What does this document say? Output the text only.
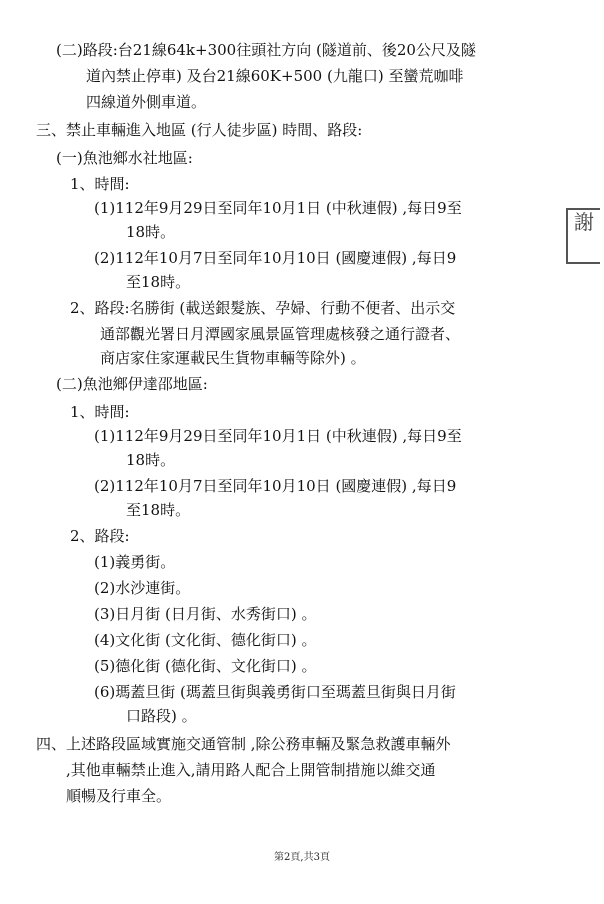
(二)路段:台21線64k+300往頭社方向 (隧道前、後20公尺及隧
道內禁止停車) 及台21線60K+500 (九龍口) 至蠻荒咖啡
四線道外側車道。
三、禁止車輛進入地區 (行人徒步區) 時間、路段:
(一)魚池鄉水社地區:
1、時間:
(1)112年9月29日至同年10月1日 (中秋連假) ,每日9至
18時。
(2)112年10月7日至同年10月10日 (國慶連假) ,每日9
至18時。
2、路段:名勝街 (載送銀髮族、孕婦、行動不便者、出示交
通部觀光署日月潭國家風景區管理處核發之通行證者、
商店家住家運載民生貨物車輛等除外) 。
(二)魚池鄉伊達邵地區:
1、時間:
(1)112年9月29日至同年10月1日 (中秋連假) ,每日9至
18時。
(2)112年10月7日至同年10月10日 (國慶連假) ,每日9
至18時。
2、路段:
(1)義勇街。
(2)水沙連街。
(3)日月街 (日月街、水秀街口) 。
(4)文化街 (文化街、德化街口) 。
(5)德化街 (德化街、文化街口) 。
(6)瑪蓋旦街 (瑪蓋旦街與義勇街口至瑪蓋旦街與日月街
口路段) 。
四、上述路段區域實施交通管制 ,除公務車輛及緊急救護車輛外
,其他車輛禁止進入,請用路人配合上開管制措施以維交通
順暢及行車全。
謝
第2頁,共3頁
